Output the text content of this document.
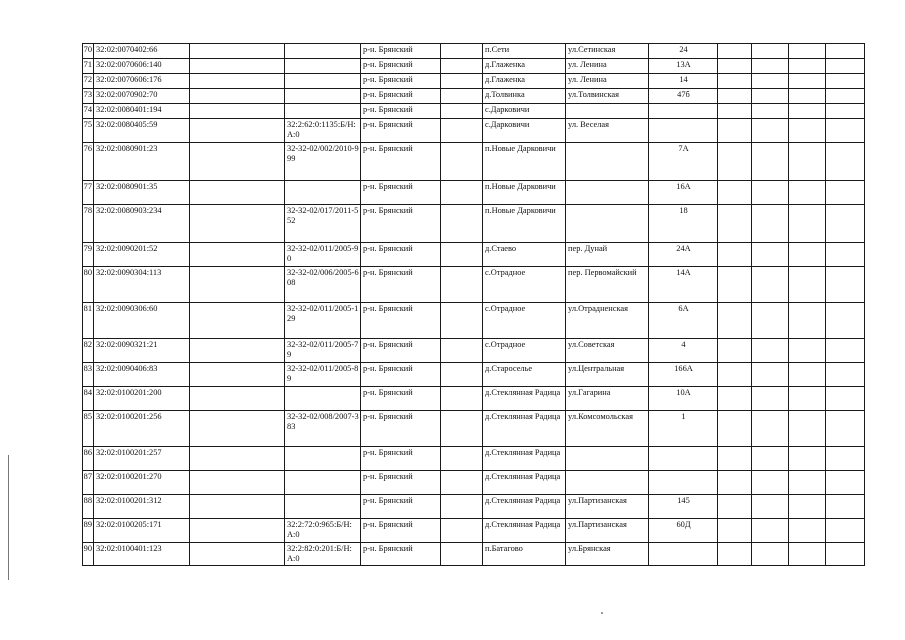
70	32:02:0070402:66			р-н. Брянский		п.Сети	ул.Сетинская	24				
71	32:02:0070606:140			р-н. Брянский		д.Глаженка	ул. Ленина	13А				
72	32:02:0070606:176			р-н. Брянский		д.Глаженка	ул. Ленина	14				
73	32:02:0070902:70			р-н. Брянский		д.Толвинка	ул.Толвинская	47б				
74	32:02:0080401:194			р-н. Брянский		с.Дарковичи						
75	32:02:0080405:59		32:2:62:0:1135:Б/Н:А:0	р-н. Брянский		с.Дарковичи	ул. Веселая					
76	32:02:0080901:23		32-32-02/002/2010-999	р-н. Брянский		п.Новые Дарковичи		7А				
77	32:02:0080901:35			р-н. Брянский		п.Новые Дарковичи		16А				
78	32:02:0080903:234		32-32-02/017/2011-552	р-н. Брянский		п.Новые Дарковичи		18				
79	32:02:0090201:52		32-32-02/011/2005-90	р-н. Брянский		д.Стаево	пер. Дунай	24А				
80	32:02:0090304:113		32-32-02/006/2005-608	р-н. Брянский		с.Отрадное	пер. Первомайский	14А				
81	32:02:0090306:60		32-32-02/011/2005-129	р-н. Брянский		с.Отрадное	ул.Отрадненская	6А				
82	32:02:0090321:21		32-32-02/011/2005-79	р-н. Брянский		с.Отрадное	ул.Советская	4				
83	32:02:0090406:83		32-32-02/011/2005-89	р-н. Брянский		д.Староселье	ул.Центральная	166А				
84	32:02:0100201:200			р-н. Брянский		д.Стеклянная Радица	ул.Гагарина	10А				
85	32:02:0100201:256		32-32-02/008/2007-383	р-н. Брянский		д.Стеклянная Радица	ул.Комсомольская	1				
86	32:02:0100201:257			р-н. Брянский		д.Стеклянная Радица						
87	32:02:0100201:270			р-н. Брянский		д.Стеклянная Радица						
88	32:02:0100201:312			р-н. Брянский		д.Стеклянная Радица	ул.Партизанская	145				
89	32:02:0100205:171		32:2:72:0:965:Б/Н:А:0	р-н. Брянский		д.Стеклянная Радица	ул.Партизанская	60Д				
90	32:02:0100401:123		32:2:82:0:201:Б/Н:А:0	р-н. Брянский		п.Батагово	ул.Брянская					
